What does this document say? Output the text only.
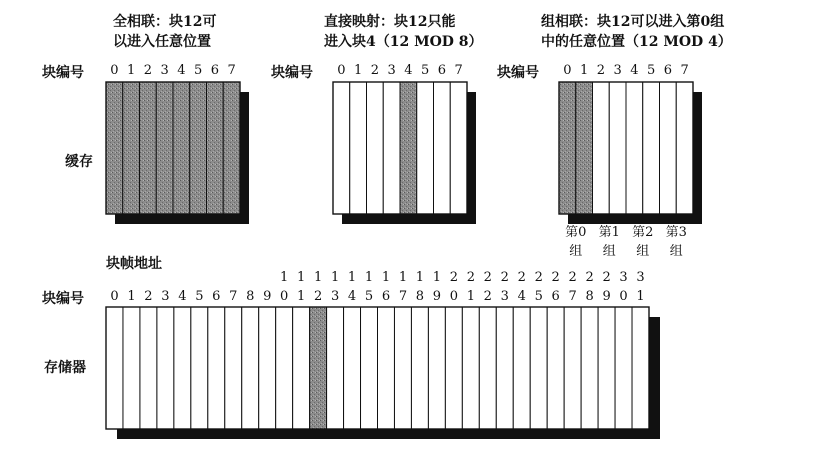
全相联：块12可
以进入任意位置
直接映射：块12只能
进入块4（12 MOD 8）
组相联：块12可以进入第0组
中的任意位置（12 MOD 4）
块编号	块编号	块编号
缓存
块帧地址
块编号
存储器
0 1 2 3 4 5 6 7	0 1 2 3 4 5 6 7	0 1 2 3 4 5 6 7
第0
组
第1
组
第2
组
第3
组
1 1 1 1 1 1 1 1 1 1 2 2 2 2 2 2 2 2 2 2 3 3
0 1 2 3 4 5 6 7 8 9 0 1 2 3 4 5 6 7 8 9 0 1 2 3 4 5 6 7 8 9 0 1
